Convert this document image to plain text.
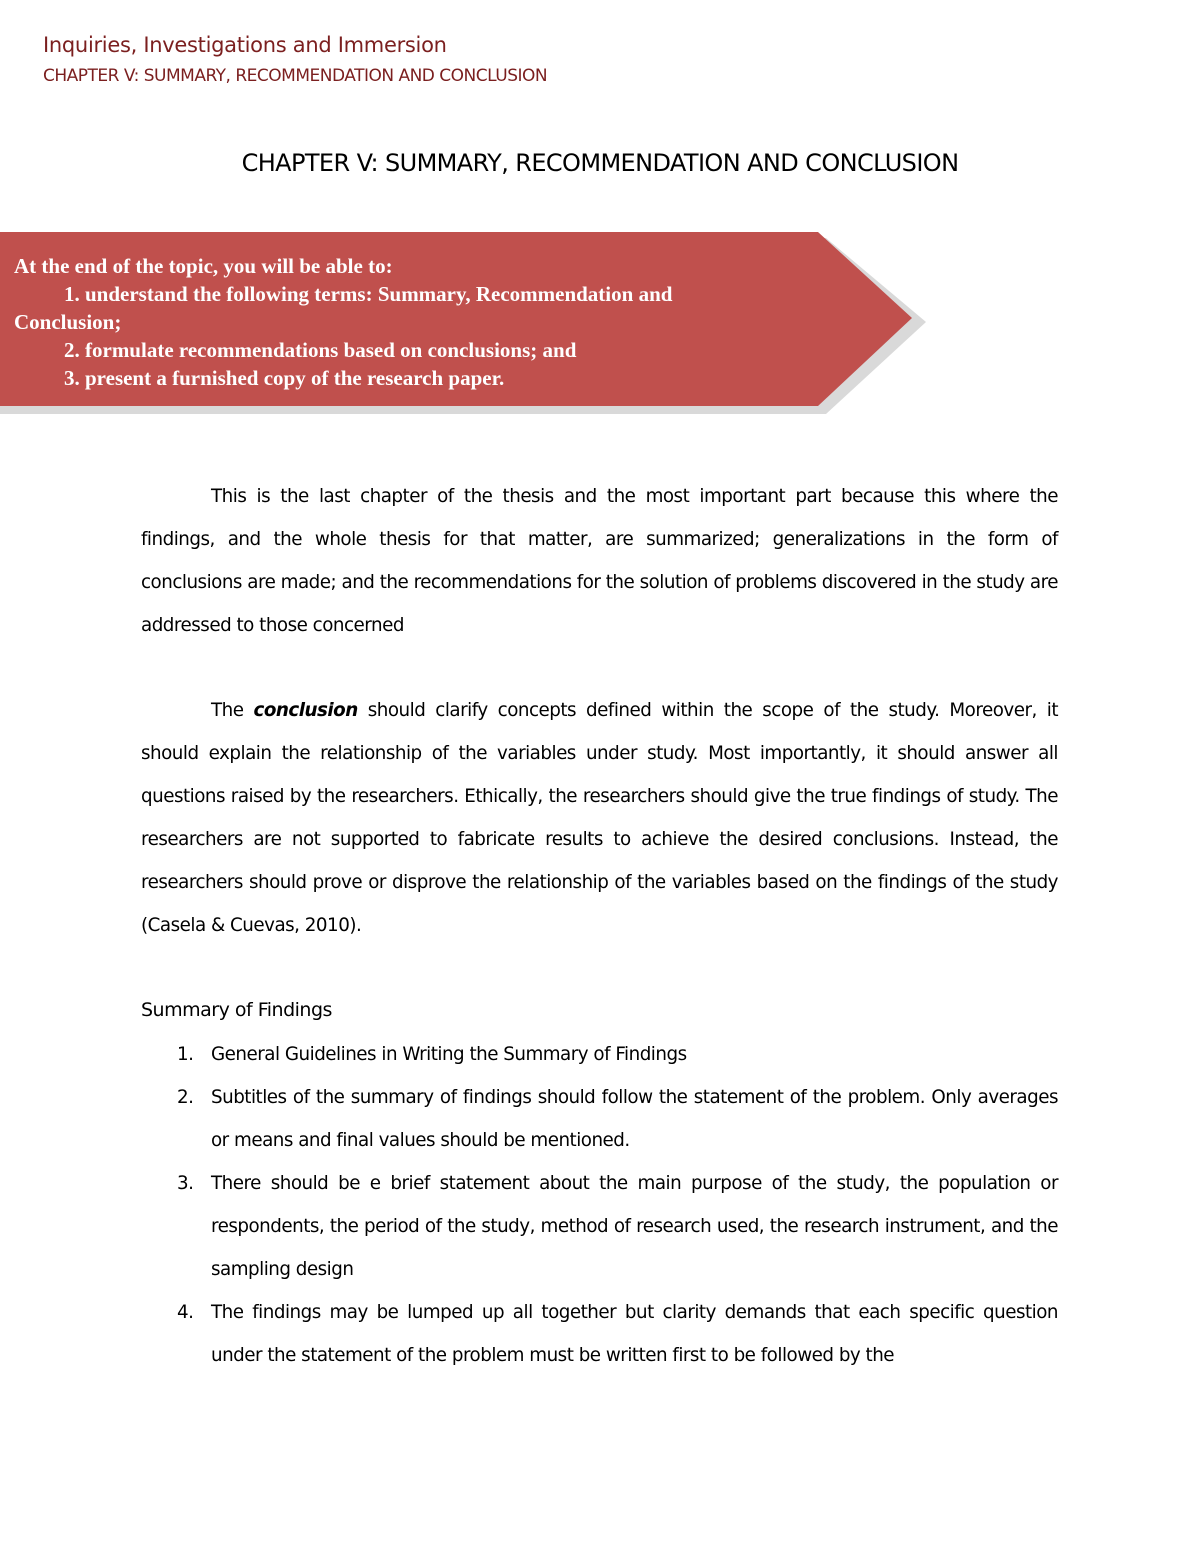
Inquiries, Investigations and Immersion
CHAPTER V: SUMMARY, RECOMMENDATION AND CONCLUSION
CHAPTER V: SUMMARY, RECOMMENDATION AND CONCLUSION
At the end of the topic, you will be able to:
1. understand the following terms: Summary, Recommendation and
Conclusion;
2. formulate recommendations based on conclusions; and
3. present a furnished copy of the research paper.

This is the last chapter of the thesis and the most important part because this where the findings, and the whole thesis for that matter, are summarized; generalizations in the form of conclusions are made; and the recommendations for the solution of problems discovered in the study are addressed to those concerned

The conclusion should clarify concepts defined within the scope of the study. Moreover, it should explain the relationship of the variables under study. Most importantly, it should answer all questions raised by the researchers. Ethically, the researchers should give the true findings of study. The researchers are not supported to fabricate results to achieve the desired conclusions. Instead, the researchers should prove or disprove the relationship of the variables based on the findings of the study (Casela & Cuevas, 2010).

Summary of Findings
1. General Guidelines in Writing the Summary of Findings
2. Subtitles of the summary of findings should follow the statement of the problem. Only averages or means and final values should be mentioned.
3. There should be e brief statement about the main purpose of the study, the population or respondents, the period of the study, method of research used, the research instrument, and the sampling design
4. The findings may be lumped up all together but clarity demands that each specific question under the statement of the problem must be written first to be followed by the
